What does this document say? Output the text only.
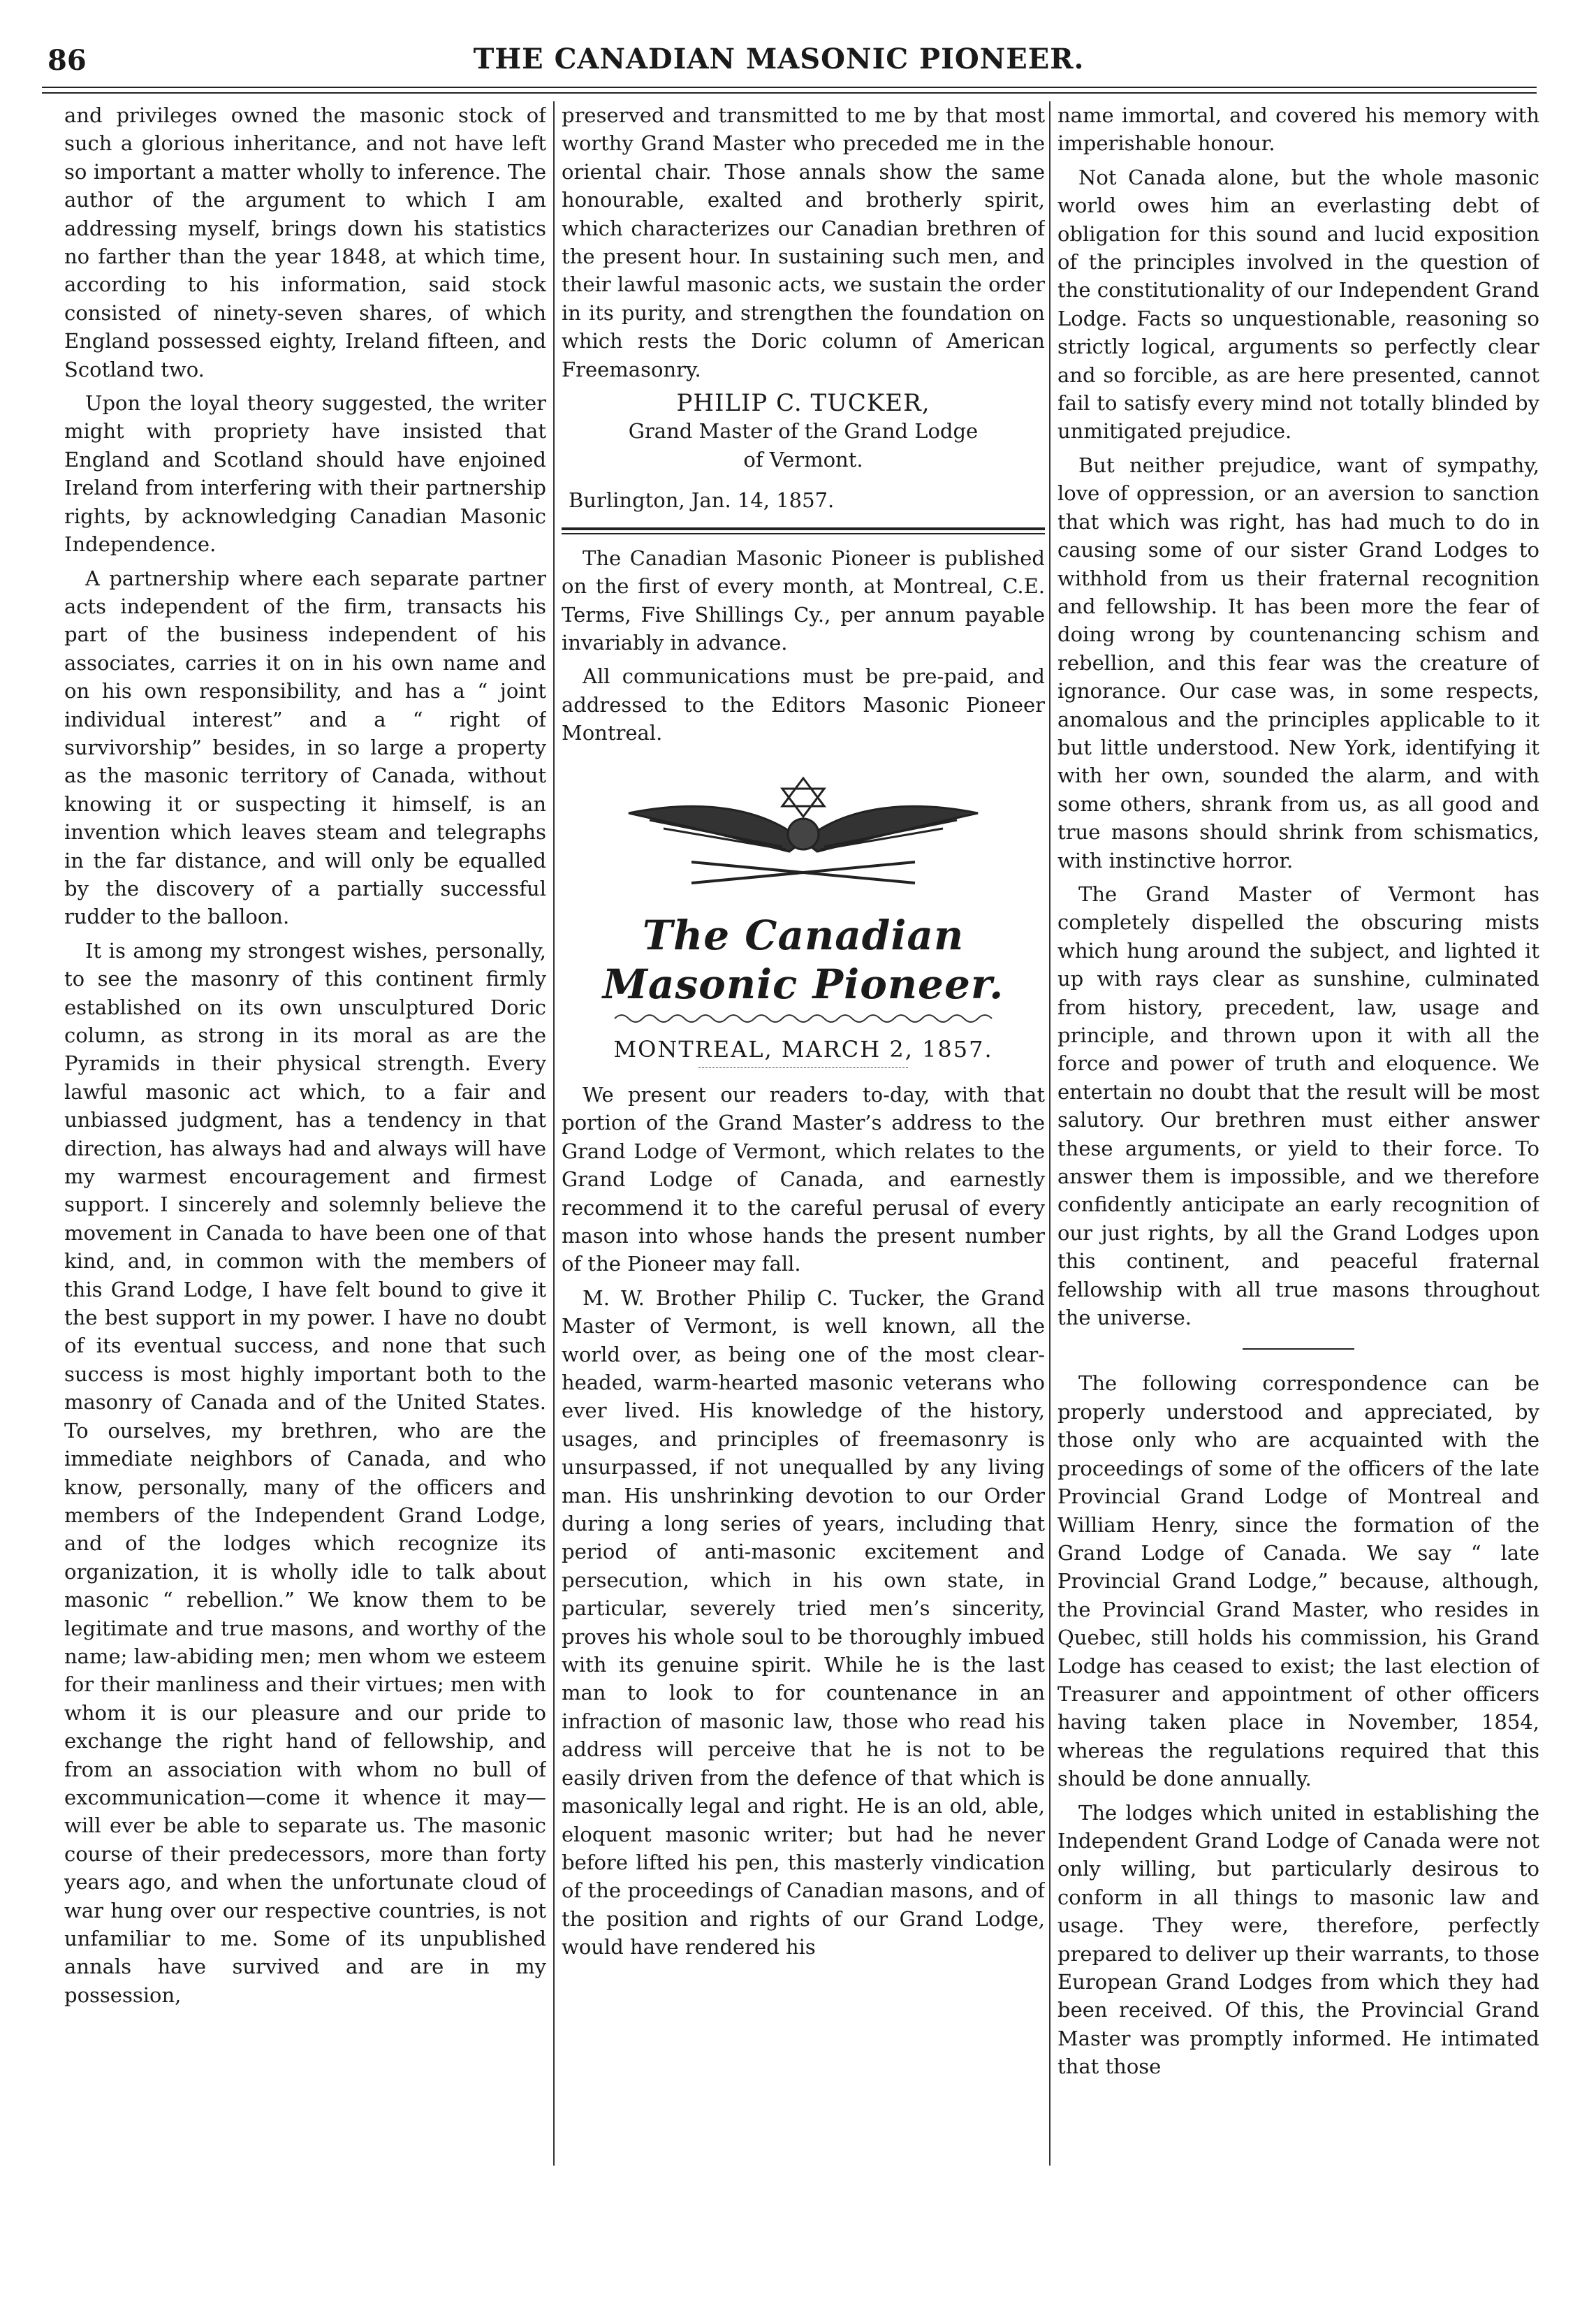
86	THE CANADIAN MASONIC PIONEER.

and privileges owned the masonic stock of such a glorious inheritance, and not have left so important a matter wholly to inference. The author of the argument to which I am addressing myself, brings down his statistics no farther than the year 1848, at which time, according to his information, said stock consisted of ninety-seven shares, of which England possessed eighty, Ireland fifteen, and Scotland two.

Upon the loyal theory suggested, the writer might with propriety have insisted that England and Scotland should have enjoined Ireland from interfering with their partnership rights, by acknowledging Canadian Masonic Independence.

A partnership where each separate partner acts independent of the firm, transacts his part of the business independent of his associates, carries it on in his own name and on his own responsibility, and has a “ joint individual interest” and a “ right of survivorship” besides, in so large a property as the masonic territory of Canada, without knowing it or suspecting it himself, is an invention which leaves steam and telegraphs in the far distance, and will only be equalled by the discovery of a partially successful rudder to the balloon.

It is among my strongest wishes, personally, to see the masonry of this continent firmly established on its own unsculptured Doric column, as strong in its moral as are the Pyramids in their physical strength. Every lawful masonic act which, to a fair and unbiassed judgment, has a tendency in that direction, has always had and always will have my warmest encouragement and firmest support. I sincerely and solemnly believe the movement in Canada to have been one of that kind, and, in common with the members of this Grand Lodge, I have felt bound to give it the best support in my power. I have no doubt of its eventual success, and none that such success is most highly important both to the masonry of Canada and of the United States. To ourselves, my brethren, who are the immediate neighbors of Canada, and who know, personally, many of the officers and members of the Independent Grand Lodge, and of the lodges which recognize its organization, it is wholly idle to talk about masonic “ rebellion.” We know them to be legitimate and true masons, and worthy of the name; law-abiding men; men whom we esteem for their manliness and their virtues; men with whom it is our pleasure and our pride to exchange the right hand of fellowship, and from an association with whom no bull of excommunication—come it whence it may—will ever be able to separate us. The masonic course of their predecessors, more than forty years ago, and when the unfortunate cloud of war hung over our respective countries, is not unfamiliar to me. Some of its unpublished annals have survived and are in my possession,

preserved and transmitted to me by that most worthy Grand Master who preceded me in the oriental chair. Those annals show the same honourable, exalted and brotherly spirit, which characterizes our Canadian brethren of the present hour. In sustaining such men, and their lawful masonic acts, we sustain the order in its purity, and strengthen the foundation on which rests the Doric column of American Freemasonry.

PHILIP C. TUCKER,
Grand Master of the Grand Lodge
of Vermont.
Burlington, Jan. 14, 1857.

The Canadian Masonic Pioneer is published on the first of every month, at Montreal, C.E. Terms, Five Shillings Cy., per annum payable invariably in advance.

All communications must be pre-paid, and addressed to the Editors Masonic Pioneer Montreal.

The Canadian Masonic Pioneer.
MONTREAL, MARCH 2, 1857.

We present our readers to-day, with that portion of the Grand Master’s address to the Grand Lodge of Vermont, which relates to the Grand Lodge of Canada, and earnestly recommend it to the careful perusal of every mason into whose hands the present number of the Pioneer may fall.

M. W. Brother Philip C. Tucker, the Grand Master of Vermont, is well known, all the world over, as being one of the most clear-headed, warm-hearted masonic veterans who ever lived. His knowledge of the history, usages, and principles of freemasonry is unsurpassed, if not unequalled by any living man. His unshrinking devotion to our Order during a long series of years, including that period of anti-masonic excitement and persecution, which in his own state, in particular, severely tried men’s sincerity, proves his whole soul to be thoroughly imbued with its genuine spirit. While he is the last man to look to for countenance in an infraction of masonic law, those who read his address will perceive that he is not to be easily driven from the defence of that which is masonically legal and right. He is an old, able, eloquent masonic writer; but had he never before lifted his pen, this masterly vindication of the proceedings of Canadian masons, and of the position and rights of our Grand Lodge, would have rendered his

name immortal, and covered his memory with imperishable honour.

Not Canada alone, but the whole masonic world owes him an everlasting debt of obligation for this sound and lucid exposition of the principles involved in the question of the constitutionality of our Independent Grand Lodge. Facts so unquestionable, reasoning so strictly logical, arguments so perfectly clear and so forcible, as are here presented, cannot fail to satisfy every mind not totally blinded by unmitigated prejudice.

But neither prejudice, want of sympathy, love of oppression, or an aversion to sanction that which was right, has had much to do in causing some of our sister Grand Lodges to withhold from us their fraternal recognition and fellowship. It has been more the fear of doing wrong by countenancing schism and rebellion, and this fear was the creature of ignorance. Our case was, in some respects, anomalous and the principles applicable to it but little understood. New York, identifying it with her own, sounded the alarm, and with some others, shrank from us, as all good and true masons should shrink from schismatics, with instinctive horror.

The Grand Master of Vermont has completely dispelled the obscuring mists which hung around the subject, and lighted it up with rays clear as sunshine, culminated from history, precedent, law, usage and principle, and thrown upon it with all the force and power of truth and eloquence. We entertain no doubt that the result will be most salutory. Our brethren must either answer these arguments, or yield to their force. To answer them is impossible, and we therefore confidently anticipate an early recognition of our just rights, by all the Grand Lodges upon this continent, and peaceful fraternal fellowship with all true masons throughout the universe.

The following correspondence can be properly understood and appreciated, by those only who are acquainted with the proceedings of some of the officers of the late Provincial Grand Lodge of Montreal and William Henry, since the formation of the Grand Lodge of Canada. We say “ late Provincial Grand Lodge,” because, although, the Provincial Grand Master, who resides in Quebec, still holds his commission, his Grand Lodge has ceased to exist; the last election of Treasurer and appointment of other officers having taken place in November, 1854, whereas the regulations required that this should be done annually.

The lodges which united in establishing the Independent Grand Lodge of Canada were not only willing, but particularly desirous to conform in all things to masonic law and usage. They were, therefore, perfectly prepared to deliver up their warrants, to those European Grand Lodges from which they had been received. Of this, the Provincial Grand Master was promptly informed. He intimated that those
